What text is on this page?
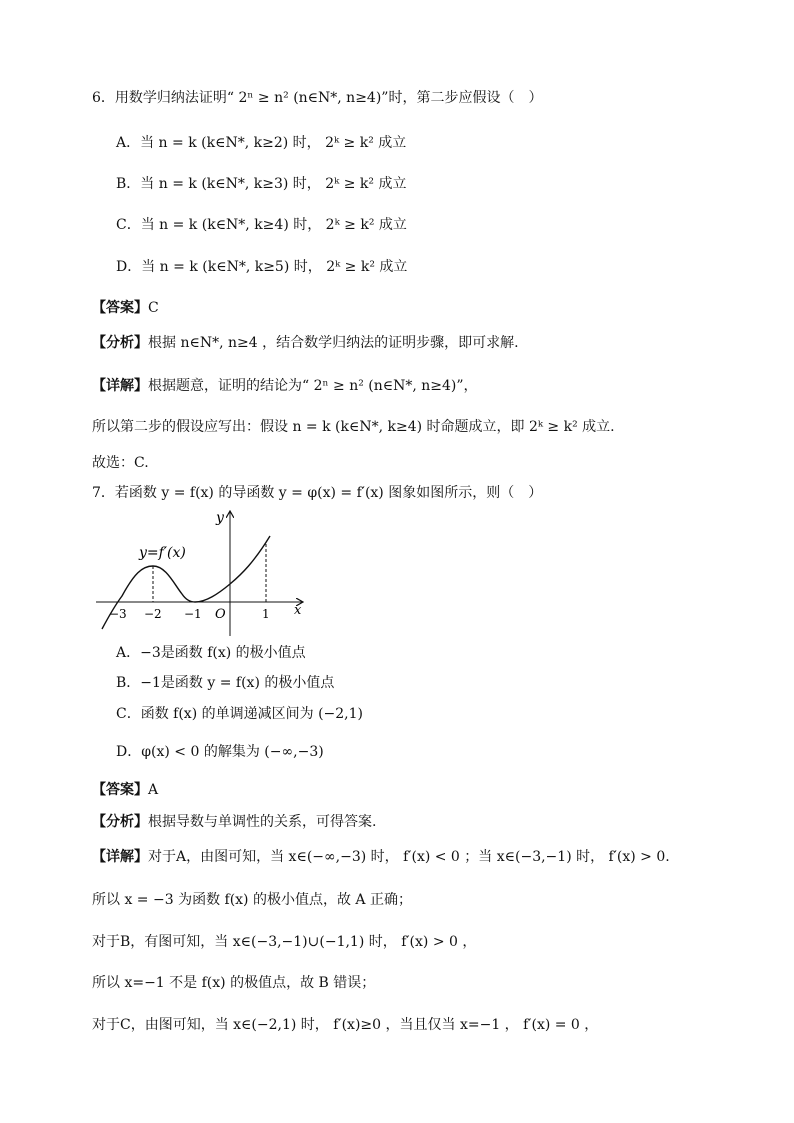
6．用数学归纳法证明“ 2ⁿ ≥ n² (n∈N*, n≥4)”时，第二步应假设（　）
A．当 n = k (k∈N*, k≥2) 时， 2ᵏ ≥ k² 成立
B．当 n = k (k∈N*, k≥3) 时， 2ᵏ ≥ k² 成立
C．当 n = k (k∈N*, k≥4) 时， 2ᵏ ≥ k² 成立
D．当 n = k (k∈N*, k≥5) 时， 2ᵏ ≥ k² 成立
【答案】C
【分析】根据 n∈N*, n≥4 ，结合数学归纳法的证明步骤，即可求解.
【详解】根据题意，证明的结论为“ 2ⁿ ≥ n² (n∈N*, n≥4)”，
所以第二步的假设应写出：假设 n = k (k∈N*, k≥4) 时命题成立，即 2ᵏ ≥ k² 成立.
故选：C.
7．若函数 y = f(x) 的导函数 y = φ(x) = f′(x) 图象如图所示，则（　）
y=f′(x)
y
x
O
−3 −2 −1	1
A．−3是函数 f(x) 的极小值点
B．−1是函数 y = f(x) 的极小值点
C．函数 f(x) 的单调递减区间为 (−2,1)
D．φ(x) < 0 的解集为 (−∞,−3)
【答案】A
【分析】根据导数与单调性的关系，可得答案.
【详解】对于A，由图可知，当 x∈(−∞,−3) 时， f′(x) < 0 ；当 x∈(−3,−1) 时， f′(x) > 0.
所以 x = −3 为函数 f(x) 的极小值点，故 A 正确；
对于B，有图可知，当 x∈(−3,−1)∪(−1,1) 时， f′(x) > 0 ，
所以 x=−1 不是 f(x) 的极值点，故 B 错误；
对于C，由图可知，当 x∈(−2,1) 时， f′(x)≥0 ，当且仅当 x=−1 ， f′(x) = 0 ，
